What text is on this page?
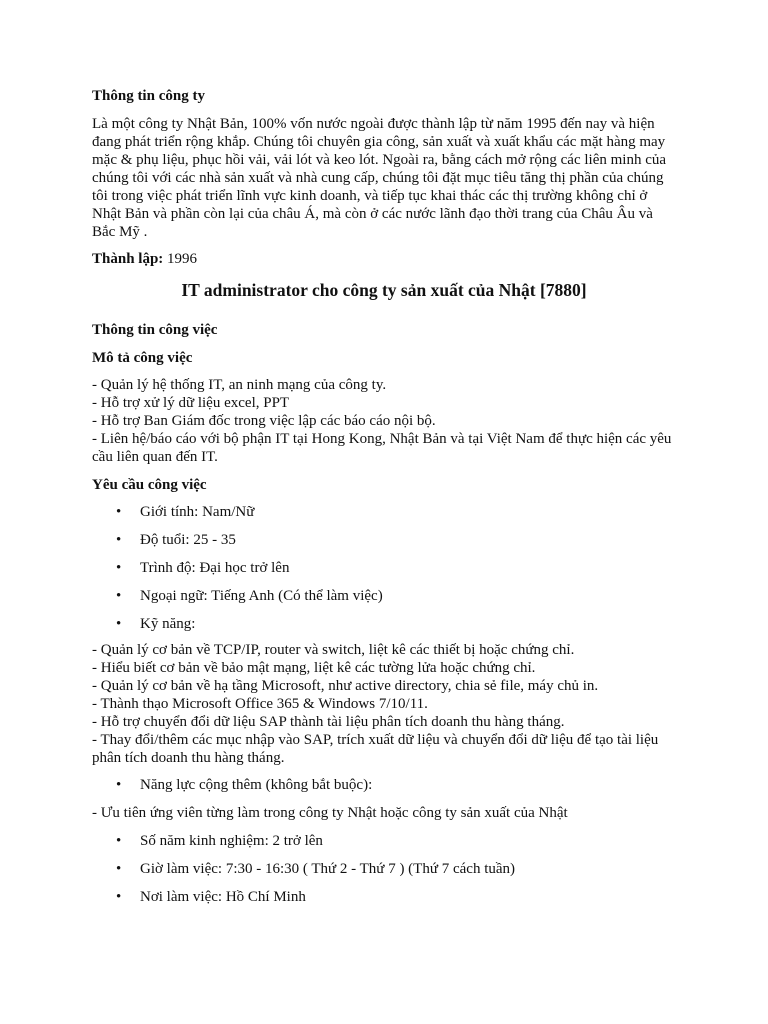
Thông tin công ty

Là một công ty Nhật Bản, 100% vốn nước ngoài được thành lập từ năm 1995 đến nay và hiện đang phát triển rộng khắp. Chúng tôi chuyên gia công, sản xuất và xuất khẩu các mặt hàng may mặc & phụ liệu, phục hồi vải, vải lót và keo lót. Ngoài ra, bằng cách mở rộng các liên minh của chúng tôi với các nhà sản xuất và nhà cung cấp, chúng tôi đặt mục tiêu tăng thị phần của chúng tôi trong việc phát triển lĩnh vực kinh doanh, và tiếp tục khai thác các thị trường không chỉ ở Nhật Bản và phần còn lại của châu Á, mà còn ở các nước lãnh đạo thời trang của Châu Âu và Bắc Mỹ .

Thành lập: 1996

IT administrator cho công ty sản xuất của Nhật [7880]

Thông tin công việc

Mô tả công việc

- Quản lý hệ thống IT, an ninh mạng của công ty.
- Hỗ trợ xử lý dữ liệu excel, PPT
- Hỗ trợ Ban Giám đốc trong việc lập các báo cáo nội bộ.
- Liên hệ/báo cáo với bộ phận IT tại Hong Kong, Nhật Bản và tại Việt Nam để thực hiện các yêu cầu liên quan đến IT.

Yêu cầu công việc

• Giới tính: Nam/Nữ
• Độ tuổi: 25 - 35
• Trình độ: Đại học trở lên
• Ngoại ngữ: Tiếng Anh (Có thể làm việc)
• Kỹ năng:
- Quản lý cơ bản về TCP/IP, router và switch, liệt kê các thiết bị hoặc chứng chỉ.
- Hiểu biết cơ bản về bảo mật mạng, liệt kê các tường lửa hoặc chứng chỉ.
- Quản lý cơ bản về hạ tầng Microsoft, như active directory, chia sẻ file, máy chủ in.
- Thành thạo Microsoft Office 365 & Windows 7/10/11.
- Hỗ trợ chuyển đổi dữ liệu SAP thành tài liệu phân tích doanh thu hàng tháng.
- Thay đổi/thêm các mục nhập vào SAP, trích xuất dữ liệu và chuyển đổi dữ liệu để tạo tài liệu phân tích doanh thu hàng tháng.
• Năng lực cộng thêm (không bắt buộc):

- Ưu tiên ứng viên từng làm trong công ty Nhật hoặc công ty sản xuất của Nhật

• Số năm kinh nghiệm: 2 trở lên
• Giờ làm việc: 7:30 - 16:30 ( Thứ 2 - Thứ 7 ) (Thứ 7 cách tuần)
• Nơi làm việc: Hồ Chí Minh
